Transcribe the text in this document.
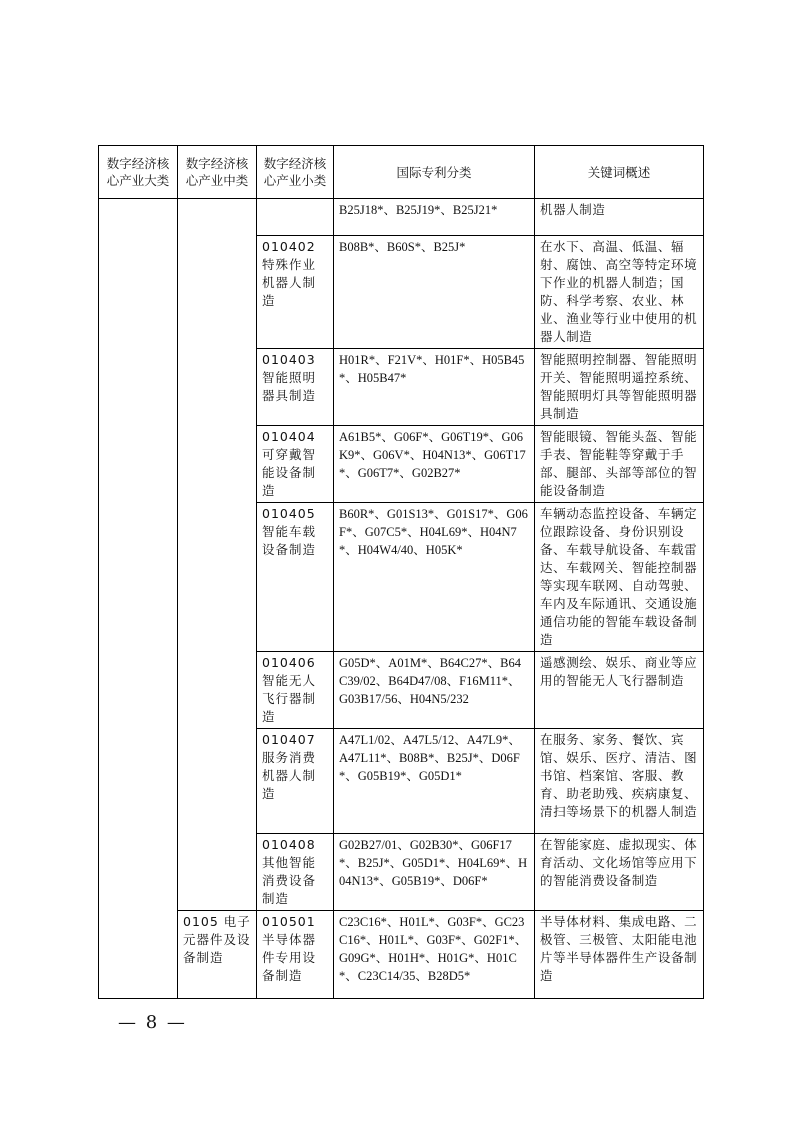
数字经济核心产业大类	数字经济核心产业中类	数字经济核心产业小类	国际专利分类	关键词概述
			B25J18*、B25J19*、B25J21*	机器人制造
		010402 特殊作业机器人制造	B08B*、B60S*、B25J*	在水下、高温、低温、辐射、腐蚀、高空等特定环境下作业的机器人制造；国防、科学考察、农业、林业、渔业等行业中使用的机器人制造
		010403 智能照明器具制造	H01R*、F21V*、H01F*、H05B45*、H05B47*	智能照明控制器、智能照明开关、智能照明遥控系统、智能照明灯具等智能照明器具制造
		010404 可穿戴智能设备制造	A61B5*、G06F*、G06T19*、G06K9*、G06V*、H04N13*、G06T17*、G06T7*、G02B27*	智能眼镜、智能头盔、智能手表、智能鞋等穿戴于手部、腿部、头部等部位的智能设备制造
		010405 智能车载设备制造	B60R*、G01S13*、G01S17*、G06F*、G07C5*、H04L69*、H04N7*、H04W4/40、H05K*	车辆动态监控设备、车辆定位跟踪设备、身份识别设备、车载导航设备、车载雷达、车载网关、智能控制器等实现车联网、自动驾驶、车内及车际通讯、交通设施通信功能的智能车载设备制造
		010406 智能无人飞行器制造	G05D*、A01M*、B64C27*、B64C39/02、B64D47/08、F16M11*、G03B17/56、H04N5/232	遥感测绘、娱乐、商业等应用的智能无人飞行器制造
		010407 服务消费机器人制造	A47L1/02、A47L5/12、A47L9*、A47L11*、B08B*、B25J*、D06F*、G05B19*、G05D1*	在服务、家务、餐饮、宾馆、娱乐、医疗、清洁、图书馆、档案馆、客服、教育、助老助残、疾病康复、清扫等场景下的机器人制造
		010408 其他智能消费设备制造	G02B27/01、G02B30*、G06F17*、B25J*、G05D1*、H04L69*、H04N13*、G05B19*、D06F*	在智能家庭、虚拟现实、体育活动、文化场馆等应用下的智能消费设备制造
	0105 电子元器件及设备制造	010501 半导体器件专用设备制造	C23C16*、H01L*、G03F*、GC23C16*、H01L*、G03F*、G02F1*、G09G*、H01H*、H01G*、H01C*、C23C14/35、B28D5*	半导体材料、集成电路、二极管、三极管、太阳能电池片等半导体器件生产设备制造
— 8 —
